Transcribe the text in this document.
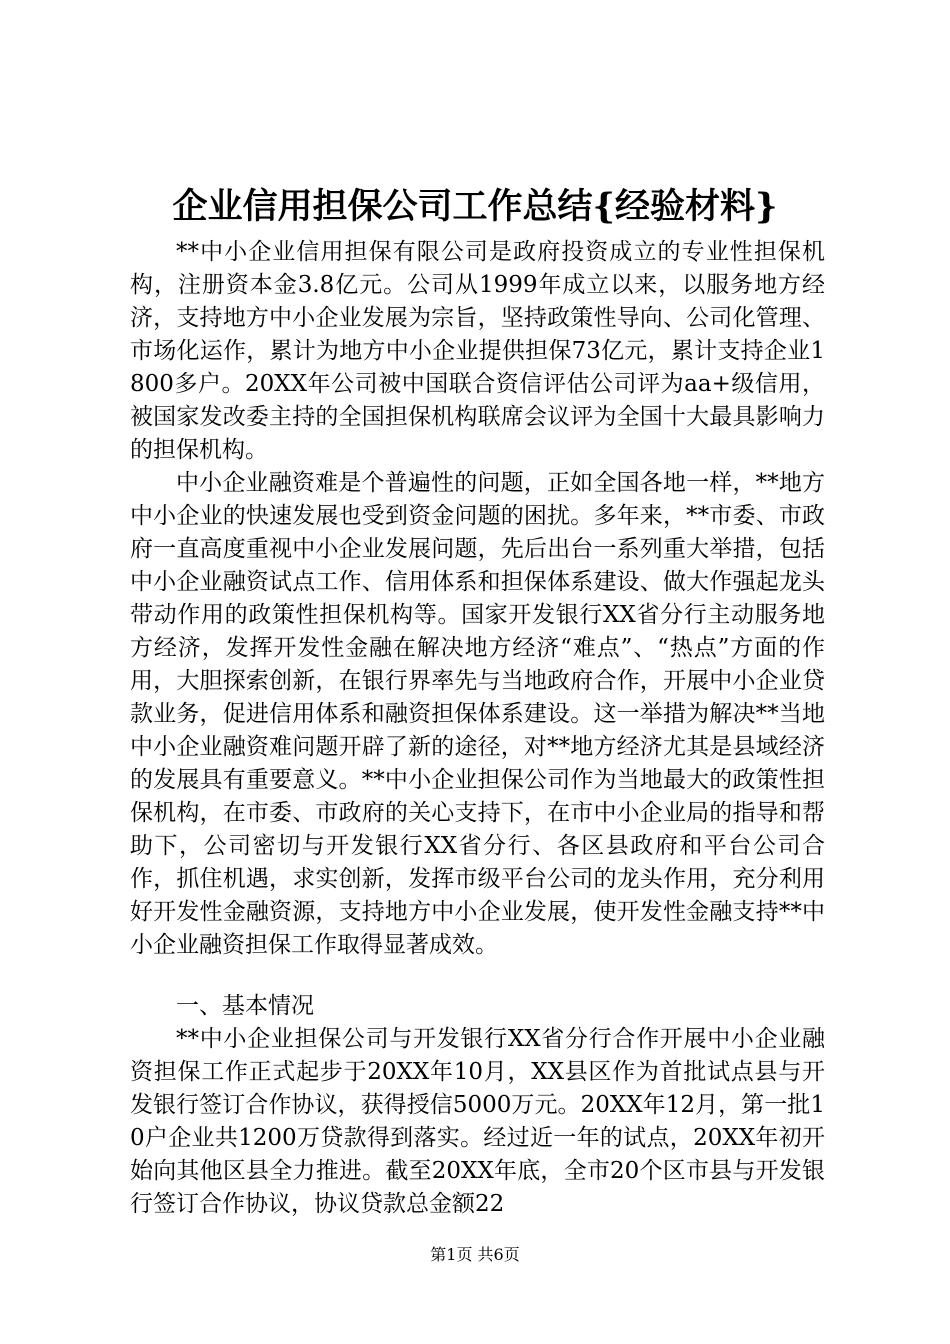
企业信用担保公司工作总结{经验材料}

**中小企业信用担保有限公司是政府投资成立的专业性担保机构，注册资本金3.8亿元。公司从1999年成立以来，以服务地方经济，支持地方中小企业发展为宗旨，坚持政策性导向、公司化管理、市场化运作，累计为地方中小企业提供担保73亿元，累计支持企业1800多户。20XX年公司被中国联合资信评估公司评为aa+级信用，被国家发改委主持的全国担保机构联席会议评为全国十大最具影响力的担保机构。

中小企业融资难是个普遍性的问题，正如全国各地一样，**地方中小企业的快速发展也受到资金问题的困扰。多年来，**市委、市政府一直高度重视中小企业发展问题，先后出台一系列重大举措，包括中小企业融资试点工作、信用体系和担保体系建设、做大作强起龙头带动作用的政策性担保机构等。国家开发银行XX省分行主动服务地方经济，发挥开发性金融在解决地方经济“难点”、“热点”方面的作用，大胆探索创新，在银行界率先与当地政府合作，开展中小企业贷款业务，促进信用体系和融资担保体系建设。这一举措为解决**当地中小企业融资难问题开辟了新的途径，对**地方经济尤其是县域经济的发展具有重要意义。**中小企业担保公司作为当地最大的政策性担保机构，在市委、市政府的关心支持下，在市中小企业局的指导和帮助下，公司密切与开发银行XX省分行、各区县政府和平台公司合作，抓住机遇，求实创新，发挥市级平台公司的龙头作用，充分利用好开发性金融资源，支持地方中小企业发展，使开发性金融支持**中小企业融资担保工作取得显著成效。

一、基本情况

**中小企业担保公司与开发银行XX省分行合作开展中小企业融资担保工作正式起步于20XX年10月，XX县区作为首批试点县与开发银行签订合作协议，获得授信5000万元。20XX年12月，第一批10户企业共1200万贷款得到落实。经过近一年的试点，20XX年初开始向其他区县全力推进。截至20XX年底，全市20个区市县与开发银行签订合作协议，协议贷款总金额22

第1页 共6页
